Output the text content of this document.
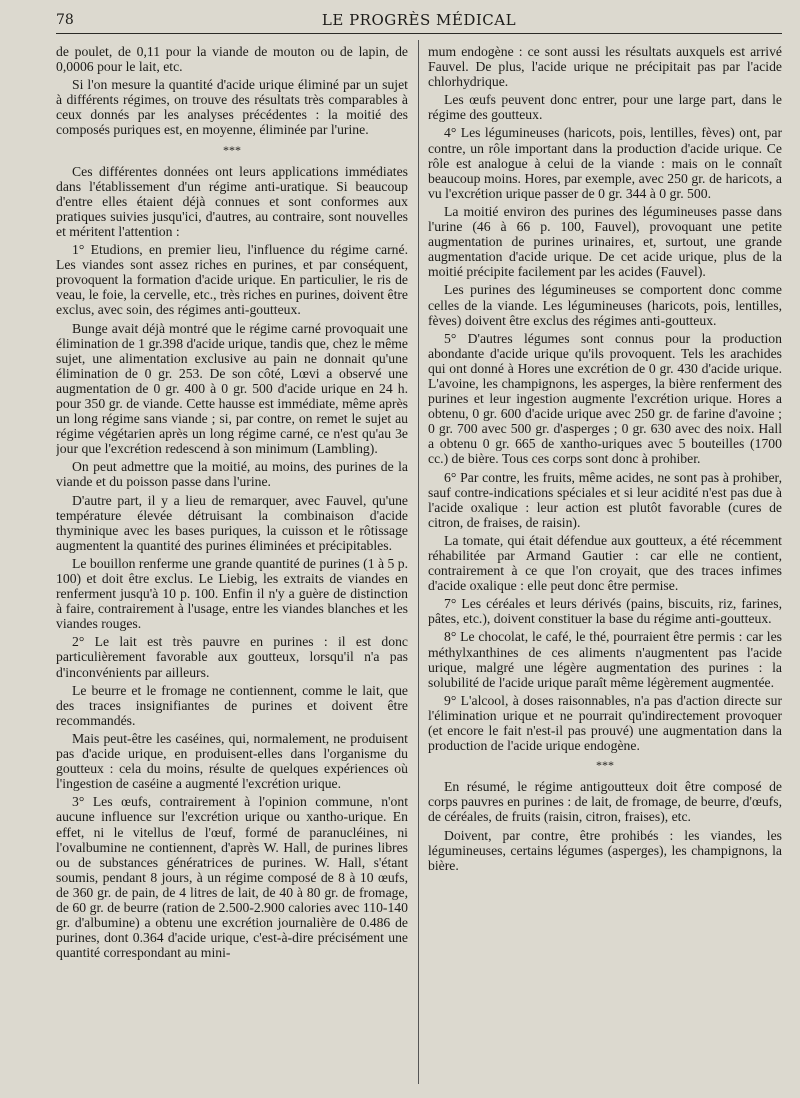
78	LE PROGRÈS MÉDICAL

de poulet, de 0,11 pour la viande de mouton ou de lapin, de 0,0006 pour le lait, etc.

Si l'on mesure la quantité d'acide urique éliminé par un sujet à différents régimes, on trouve des résultats très comparables à ceux donnés par les analyses précédentes : la moitié des composés puriques est, en moyenne, éliminée par l'urine.

***

Ces différentes données ont leurs applications immédiates dans l'établissement d'un régime anti-uratique. Si beaucoup d'entre elles étaient déjà connues et sont conformes aux pratiques suivies jusqu'ici, d'autres, au contraire, sont nouvelles et méritent l'attention :

1° Etudions, en premier lieu, l'influence du régime carné. Les viandes sont assez riches en purines, et par conséquent, provoquent la formation d'acide urique. En particulier, le ris de veau, le foie, la cervelle, etc., très riches en purines, doivent être exclus, avec soin, des régimes anti-goutteux.

Bunge avait déjà montré que le régime carné provoquait une élimination de 1 gr.398 d'acide urique, tandis que, chez le même sujet, une alimentation exclusive au pain ne donnait qu'une élimination de 0 gr. 253. De son côté, Lœvi a observé une augmentation de 0 gr. 400 à 0 gr. 500 d'acide urique en 24 h. pour 350 gr. de viande. Cette hausse est immédiate, même après un long régime sans viande ; si, par contre, on remet le sujet au régime végétarien après un long régime carné, ce n'est qu'au 3e jour que l'excrétion redescend à son minimum (Lambling).

On peut admettre que la moitié, au moins, des purines de la viande et du poisson passe dans l'urine.

D'autre part, il y a lieu de remarquer, avec Fauvel, qu'une température élevée détruisant la combinaison d'acide thyminique avec les bases puriques, la cuisson et le rôtissage augmentent la quantité des purines éliminées et précipitables.

Le bouillon renferme une grande quantité de purines (1 à 5 p. 100) et doit être exclus. Le Liebig, les extraits de viandes en renferment jusqu'à 10 p. 100. Enfin il n'y a guère de distinction à faire, contrairement à l'usage, entre les viandes blanches et les viandes rouges.

2° Le lait est très pauvre en purines : il est donc particulièrement favorable aux goutteux, lorsqu'il n'a pas d'inconvénients par ailleurs.

Le beurre et le fromage ne contiennent, comme le lait, que des traces insignifiantes de purines et doivent être recommandés.

Mais peut-être les caséines, qui, normalement, ne produisent pas d'acide urique, en produisent-elles dans l'organisme du goutteux : cela du moins, résulte de quelques expériences où l'ingestion de caséine a augmenté l'excrétion urique.

3° Les œufs, contrairement à l'opinion commune, n'ont aucune influence sur l'excrétion urique ou xantho-urique. En effet, ni le vitellus de l'œuf, formé de paranucléines, ni l'ovalbumine ne contiennent, d'après W. Hall, de purines libres ou de substances génératrices de purines. W. Hall, s'étant soumis, pendant 8 jours, à un régime composé de 8 à 10 œufs, de 360 gr. de pain, de 4 litres de lait, de 40 à 80 gr. de fromage, de 60 gr. de beurre (ration de 2.500-2.900 calories avec 110-140 gr. d'albumine) a obtenu une excrétion journalière de 0.486 de purines, dont 0.364 d'acide urique, c'est-à-dire précisément une quantité correspondant au mini-

mum endogène : ce sont aussi les résultats auxquels est arrivé Fauvel. De plus, l'acide urique ne précipitait pas par l'acide chlorhydrique.

Les œufs peuvent donc entrer, pour une large part, dans le régime des goutteux.

4° Les légumineuses (haricots, pois, lentilles, fèves) ont, par contre, un rôle important dans la production d'acide urique. Ce rôle est analogue à celui de la viande : mais on le connaît beaucoup moins. Hores, par exemple, avec 250 gr. de haricots, a vu l'excrétion urique passer de 0 gr. 344 à 0 gr. 500.

La moitié environ des purines des légumineuses passe dans l'urine (46 à 66 p. 100, Fauvel), provoquant une petite augmentation de purines urinaires, et, surtout, une grande augmentation d'acide urique. De cet acide urique, plus de la moitié précipite facilement par les acides (Fauvel).

Les purines des légumineuses se comportent donc comme celles de la viande. Les légumineuses (haricots, pois, lentilles, fèves) doivent être exclus des régimes anti-goutteux.

5° D'autres légumes sont connus pour la production abondante d'acide urique qu'ils provoquent. Tels les arachides qui ont donné à Hores une excrétion de 0 gr. 430 d'acide urique. L'avoine, les champignons, les asperges, la bière renferment des purines et leur ingestion augmente l'excrétion urique. Hores a obtenu, 0 gr. 600 d'acide urique avec 250 gr. de farine d'avoine ; 0 gr. 700 avec 500 gr. d'asperges ; 0 gr. 630 avec des noix. Hall a obtenu 0 gr. 665 de xantho-uriques avec 5 bouteilles (1700 cc.) de bière. Tous ces corps sont donc à prohiber.

6° Par contre, les fruits, même acides, ne sont pas à prohiber, sauf contre-indications spéciales et si leur acidité n'est pas due à l'acide oxalique : leur action est plutôt favorable (cures de citron, de fraises, de raisin).

La tomate, qui était défendue aux goutteux, a été récemment réhabilitée par Armand Gautier : car elle ne contient, contrairement à ce que l'on croyait, que des traces infimes d'acide oxalique : elle peut donc être permise.

7° Les céréales et leurs dérivés (pains, biscuits, riz, farines, pâtes, etc.), doivent constituer la base du régime anti-goutteux.

8° Le chocolat, le café, le thé, pourraient être permis : car les méthylxanthines de ces aliments n'augmentent pas l'acide urique, malgré une légère augmentation des purines : la solubilité de l'acide urique paraît même légèrement augmentée.

9° L'alcool, à doses raisonnables, n'a pas d'action directe sur l'élimination urique et ne pourrait qu'indirectement provoquer (et encore le fait n'est-il pas prouvé) une augmentation dans la production de l'acide urique endogène.

***

En résumé, le régime antigoutteux doit être composé de corps pauvres en purines : de lait, de fromage, de beurre, d'œufs, de céréales, de fruits (raisin, citron, fraises), etc.

Doivent, par contre, être prohibés : les viandes, les légumineuses, certains légumes (asperges), les champignons, la bière.
